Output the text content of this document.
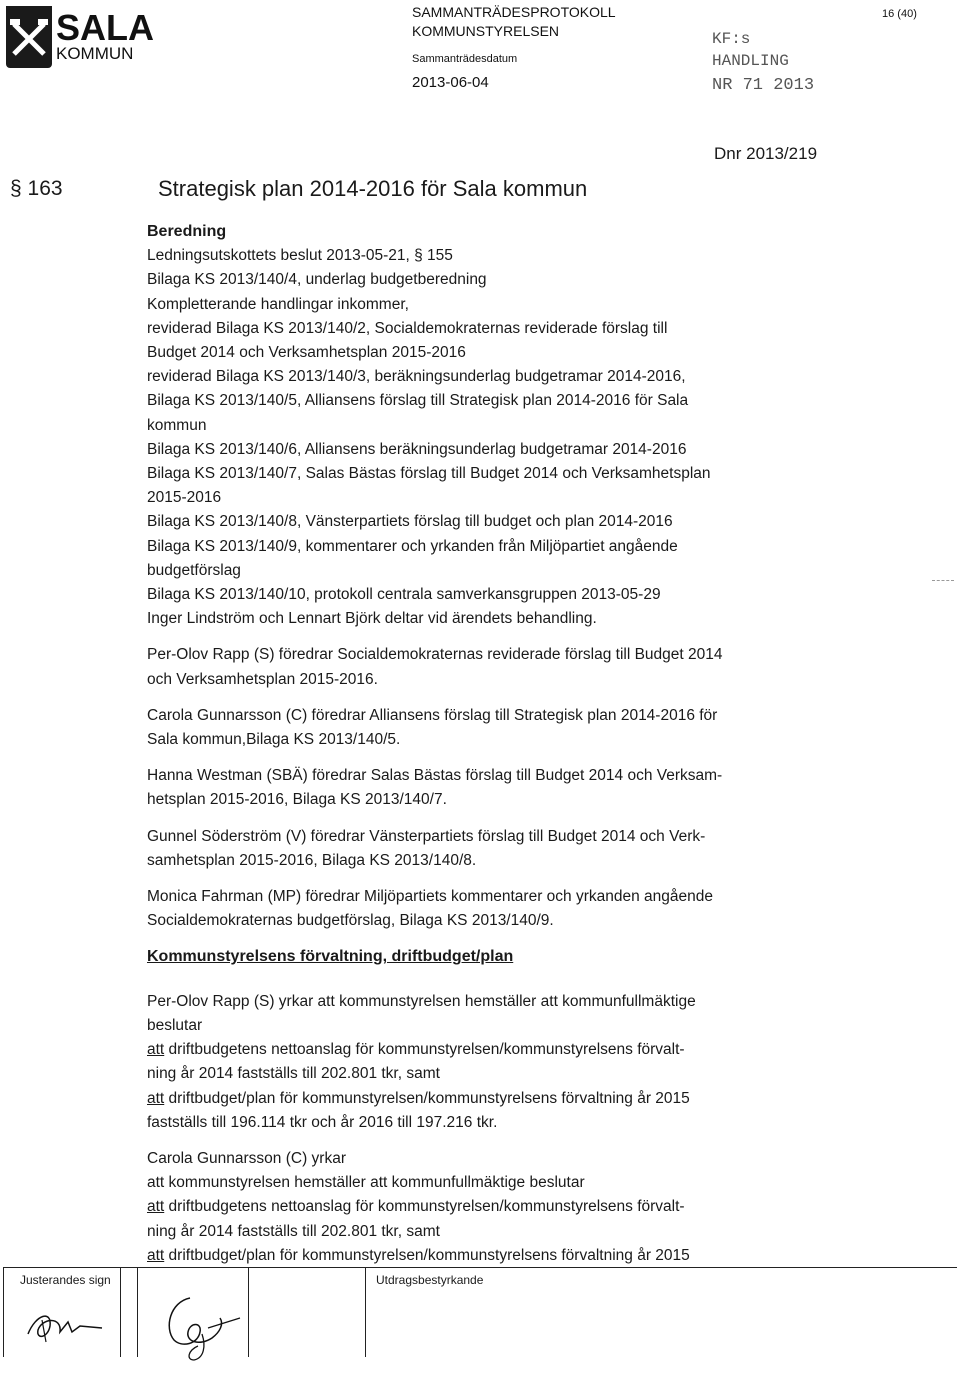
SALA
KOMMUN
SAMMANTRÄDESPROTOKOLL
KOMMUNSTYRELSEN
Sammanträdesdatum
2013-06-04
16 (40)
KF:s
HANDLING
NR 71 2013
Dnr 2013/219
§ 163	Strategisk plan 2014-2016 för Sala kommun

Beredning

Ledningsutskottets beslut 2013-05-21, § 155

Bilaga KS 2013/140/4, underlag budgetberedning

Kompletterande handlingar inkommer,

reviderad Bilaga KS 2013/140/2, Socialdemokraternas reviderade förslag till

Budget 2014 och Verksamhetsplan 2015-2016

reviderad Bilaga KS 2013/140/3, beräkningsunderlag budgetramar 2014-2016,

Bilaga KS 2013/140/5, Alliansens förslag till Strategisk plan 2014-2016 för Sala

kommun

Bilaga KS 2013/140/6, Alliansens beräkningsunderlag budgetramar 2014-2016

Bilaga KS 2013/140/7, Salas Bästas förslag till Budget 2014 och Verksamhetsplan

2015-2016

Bilaga KS 2013/140/8, Vänsterpartiets förslag till budget och plan 2014-2016

Bilaga KS 2013/140/9, kommentarer och yrkanden från Miljöpartiet angående

budgetförslag

Bilaga KS 2013/140/10, protokoll centrala samverkansgruppen 2013-05-29

Inger Lindström och Lennart Björk deltar vid ärendets behandling.

Per-Olov Rapp (S) föredrar Socialdemokraternas reviderade förslag till Budget 2014

och Verksamhetsplan 2015-2016.

Carola Gunnarsson (C) föredrar Alliansens förslag till Strategisk plan 2014-2016 för

Sala kommun,Bilaga KS 2013/140/5.

Hanna Westman (SBÄ) föredrar Salas Bästas förslag till Budget 2014 och Verksam-

hetsplan 2015-2016, Bilaga KS 2013/140/7.

Gunnel Söderström (V) föredrar Vänsterpartiets förslag till Budget 2014 och Verk-

samhetsplan 2015-2016, Bilaga KS 2013/140/8.

Monica Fahrman (MP) föredrar Miljöpartiets kommentarer och yrkanden angående

Socialdemokraternas budgetförslag, Bilaga KS 2013/140/9.

Kommunstyrelsens förvaltning, driftbudget/plan

Per-Olov Rapp (S) yrkar att kommunstyrelsen hemställer att kommunfullmäktige

beslutar

att driftbudgetens nettoanslag för kommunstyrelsen/kommunstyrelsens förvalt-

ning år 2014 fastställs till 202.801 tkr, samt

att driftbudget/plan för kommunstyrelsen/kommunstyrelsens förvaltning år 2015

fastställs till 196.114 tkr och år 2016 till 197.216 tkr.

Carola Gunnarsson (C) yrkar

att kommunstyrelsen hemställer att kommunfullmäktige beslutar

att driftbudgetens nettoanslag för kommunstyrelsen/kommunstyrelsens förvalt-

ning år 2014 fastställs till 202.801 tkr, samt

att driftbudget/plan för kommunstyrelsen/kommunstyrelsens förvaltning år 2015

Justerandes sign	Utdragsbestyrkande
